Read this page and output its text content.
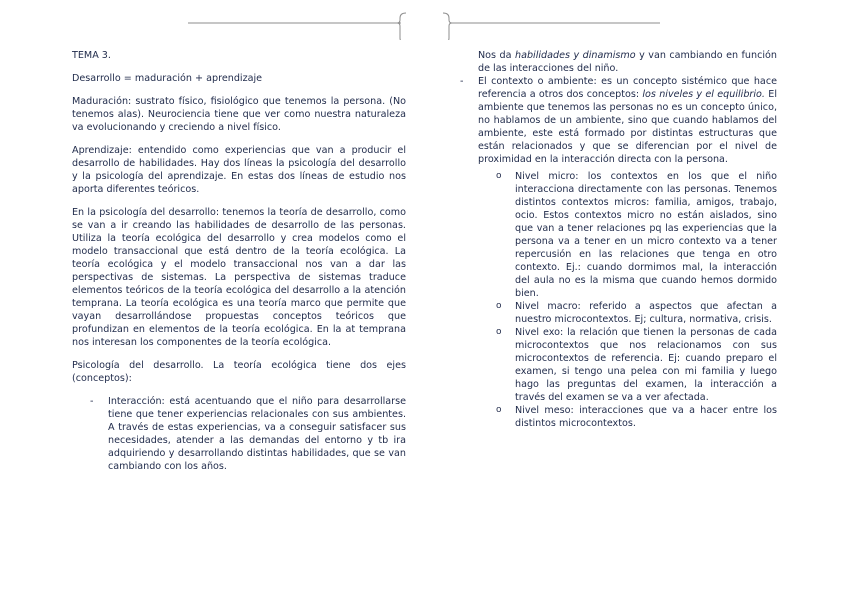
TEMA 3.

Desarrollo = maduración + aprendizaje

Maduración: sustrato físico, fisiológico que tenemos la persona. (No tenemos alas). Neurociencia tiene que ver como nuestra naturaleza va evolucionando y creciendo a nivel físico.

Aprendizaje: entendido como experiencias que van a producir el desarrollo de habilidades. Hay dos líneas la psicología del desarrollo y la psicología del aprendizaje. En estas dos líneas de estudio nos aporta diferentes teóricos.

En la psicología del desarrollo: tenemos la teoría de desarrollo, como se van a ir creando las habilidades de desarrollo de las personas. Utiliza la teoría ecológica del desarrollo y crea modelos como el modelo transaccional que está dentro de la teoría ecológica. La teoría ecológica y el modelo transaccional nos van a dar las perspectivas de sistemas. La perspectiva de sistemas traduce elementos teóricos de la teoría ecológica del desarrollo a la atención temprana. La teoría ecológica es una teoría marco que permite que vayan desarrollándose propuestas conceptos teóricos que profundizan en elementos de la teoría ecológica. En la at temprana nos interesan los componentes de la teoría ecológica.

Psicología del desarrollo. La teoría ecológica tiene dos ejes (conceptos):

- Interacción: está acentuando que el niño para desarrollarse tiene que tener experiencias relacionales con sus ambientes. A través de estas experiencias, va a conseguir satisfacer sus necesidades, atender a las demandas del entorno y tb ira adquiriendo y desarrollando distintas habilidades, que se van cambiando con los años.
Nos da habilidades y dinamismo y van cambiando en función de las interacciones del niño.
- El contexto o ambiente: es un concepto sistémico que hace referencia a otros dos conceptos: los niveles y el equilibrio. El ambiente que tenemos las personas no es un concepto único, no hablamos de un ambiente, sino que cuando hablamos del ambiente, este está formado por distintas estructuras que están relacionados y que se diferencian por el nivel de proximidad en la interacción directa con la persona.
o Nivel micro: los contextos en los que el niño interacciona directamente con las personas. Tenemos distintos contextos micros: familia, amigos, trabajo, ocio. Estos contextos micro no están aislados, sino que van a tener relaciones pq las experiencias que la persona va a tener en un micro contexto va a tener repercusión en las relaciones que tenga en otro contexto. Ej.: cuando dormimos mal, la interacción del aula no es la misma que cuando hemos dormido bien.
o Nivel macro: referido a aspectos que afectan a nuestro microcontextos. Ej; cultura, normativa, crisis.
o Nivel exo: la relación que tienen la personas de cada microcontextos que nos relacionamos con sus microcontextos de referencia. Ej: cuando preparo el examen, si tengo una pelea con mi familia y luego hago las preguntas del examen, la interacción a través del examen se va a ver afectada.
o Nivel meso: interacciones que va a hacer entre los distintos microcontextos.
